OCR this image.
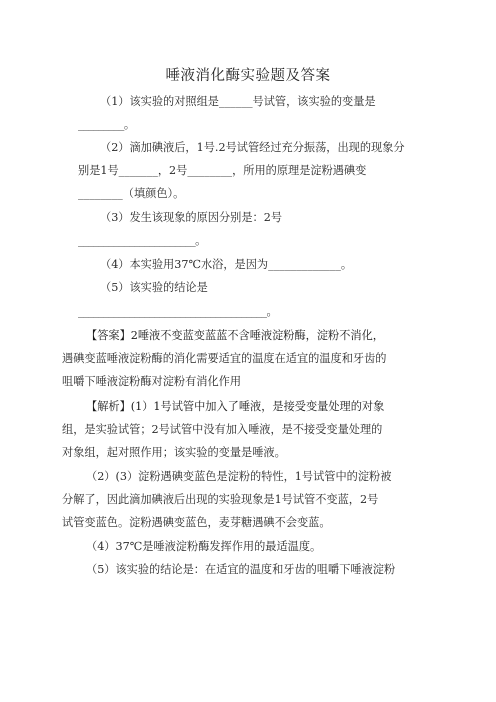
唾液消化酶实验题及答案
（1）该实验的对照组是______号试管，该实验的变量是
_________。
（2）滴加碘液后，1号.2号试管经过充分振荡，出现的现象分
别是1号_______，2号________，所用的原理是淀粉遇碘变
________（填颜色）。
（3）发生该现象的原因分别是：2号
_______________________。
（4）本实验用37℃水浴，是因为_____________。
（5）该实验的结论是
_____________________________________。
【答案】2唾液不变蓝变蓝蓝不含唾液淀粉酶，淀粉不消化，
遇碘变蓝唾液淀粉酶的消化需要适宜的温度在适宜的温度和牙齿的
咀嚼下唾液淀粉酶对淀粉有消化作用
【解析】(1）1号试管中加入了唾液，是接受变量处理的对象
组，是实验试管；2号试管中没有加入唾液，是不接受变量处理的
对象组，起对照作用；该实验的变量是唾液。
（2）(3）淀粉遇碘变蓝色是淀粉的特性，1号试管中的淀粉被
分解了，因此滴加碘液后出现的实验现象是1号试管不变蓝，2号
试管变蓝色。淀粉遇碘变蓝色，麦芽糖遇碘不会变蓝。
（4）37℃是唾液淀粉酶发挥作用的最适温度。
（5）该实验的结论是：在适宜的温度和牙齿的咀嚼下唾液淀粉
